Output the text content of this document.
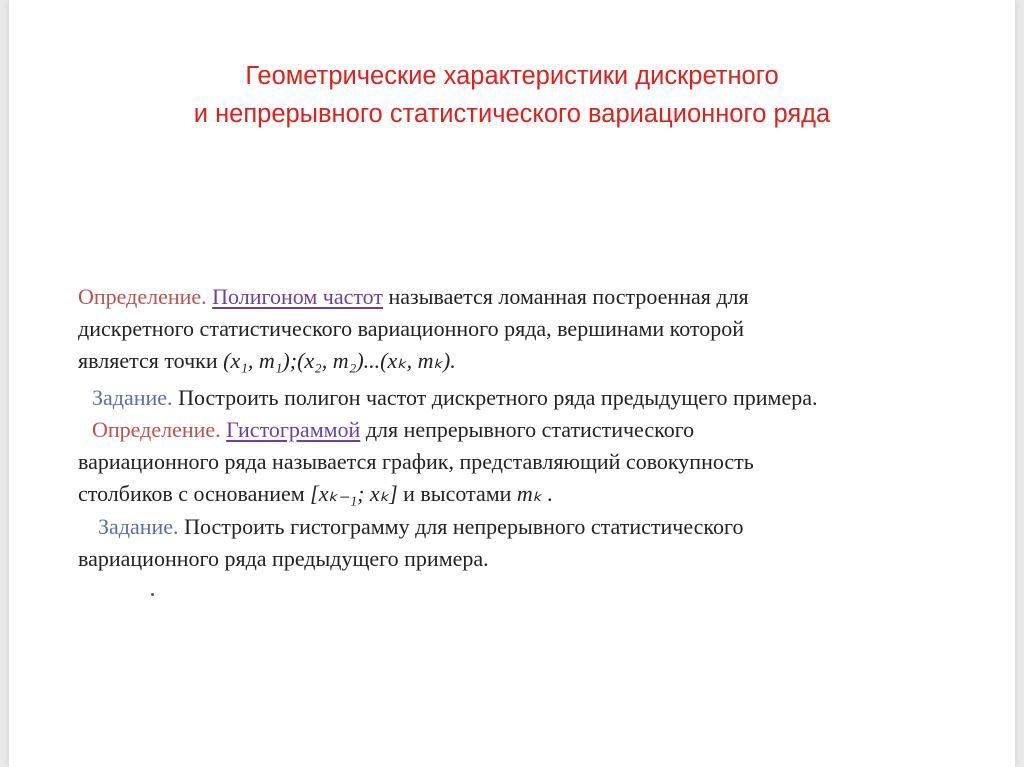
Геометрические характеристики дискретного
и непрерывного статистического вариационного ряда
Определение. Полигоном частот называется ломанная построенная для
дискретного статистического вариационного ряда, вершинами которой
является точки (x₁, m₁);(x₂, m₂)...(xₖ, mₖ).
Задание. Построить полигон частот дискретного ряда предыдущего примера.
Определение. Гистограммой для непрерывного статистического
вариационного ряда называется график, представляющий совокупность
столбиков с основанием [xₖ₋₁; xₖ] и высотами mₖ .
Задание. Построить гистограмму для непрерывного статистического
вариационного ряда предыдущего примера.
